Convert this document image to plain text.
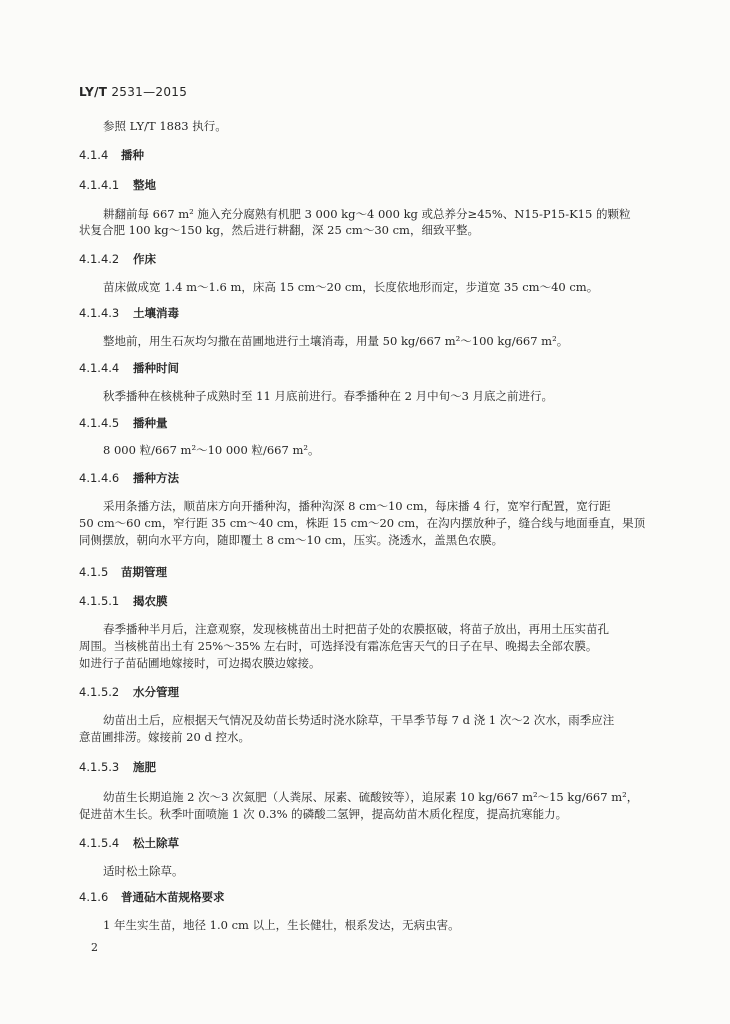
LY/T 2531—2015
参照 LY/T 1883 执行。
4.1.4 播种
4.1.4.1 整地
耕翻前每 667 m² 施入充分腐熟有机肥 3 000 kg～4 000 kg 或总养分≥45%、N15-P15-K15 的颗粒
状复合肥 100 kg～150 kg，然后进行耕翻，深 25 cm～30 cm，细致平整。
4.1.4.2 作床
苗床做成宽 1.4 m～1.6 m，床高 15 cm～20 cm，长度依地形而定，步道宽 35 cm～40 cm。
4.1.4.3 土壤消毒
整地前，用生石灰均匀撒在苗圃地进行土壤消毒，用量 50 kg/667 m²～100 kg/667 m²。
4.1.4.4 播种时间
秋季播种在核桃种子成熟时至 11 月底前进行。春季播种在 2 月中旬～3 月底之前进行。
4.1.4.5 播种量
8 000 粒/667 m²～10 000 粒/667 m²。
4.1.4.6 播种方法
采用条播方法，顺苗床方向开播种沟，播种沟深 8 cm～10 cm，每床播 4 行，宽窄行配置，宽行距
50 cm～60 cm，窄行距 35 cm～40 cm，株距 15 cm～20 cm，在沟内摆放种子，缝合线与地面垂直，果顶
同侧摆放，朝向水平方向，随即覆土 8 cm～10 cm，压实。浇透水，盖黑色农膜。
4.1.5 苗期管理
4.1.5.1 揭农膜
春季播种半月后，注意观察，发现核桃苗出土时把苗子处的农膜抠破，将苗子放出，再用土压实苗孔
周围。当核桃苗出土有 25%～35% 左右时，可选择没有霜冻危害天气的日子在早、晚揭去全部农膜。
如进行子苗砧圃地嫁接时，可边揭农膜边嫁接。
4.1.5.2 水分管理
幼苗出土后，应根据天气情况及幼苗长势适时浇水除草，干旱季节每 7 d 浇 1 次～2 次水，雨季应注
意苗圃排涝。嫁接前 20 d 控水。
4.1.5.3 施肥
幼苗生长期追施 2 次～3 次氮肥（人粪尿、尿素、硫酸铵等），追尿素 10 kg/667 m²～15 kg/667 m²，
促进苗木生长。秋季叶面喷施 1 次 0.3% 的磷酸二氢钾，提高幼苗木质化程度，提高抗寒能力。
4.1.5.4 松土除草
适时松土除草。
4.1.6 普通砧木苗规格要求
1 年生实生苗，地径 1.0 cm 以上，生长健壮，根系发达，无病虫害。
2
